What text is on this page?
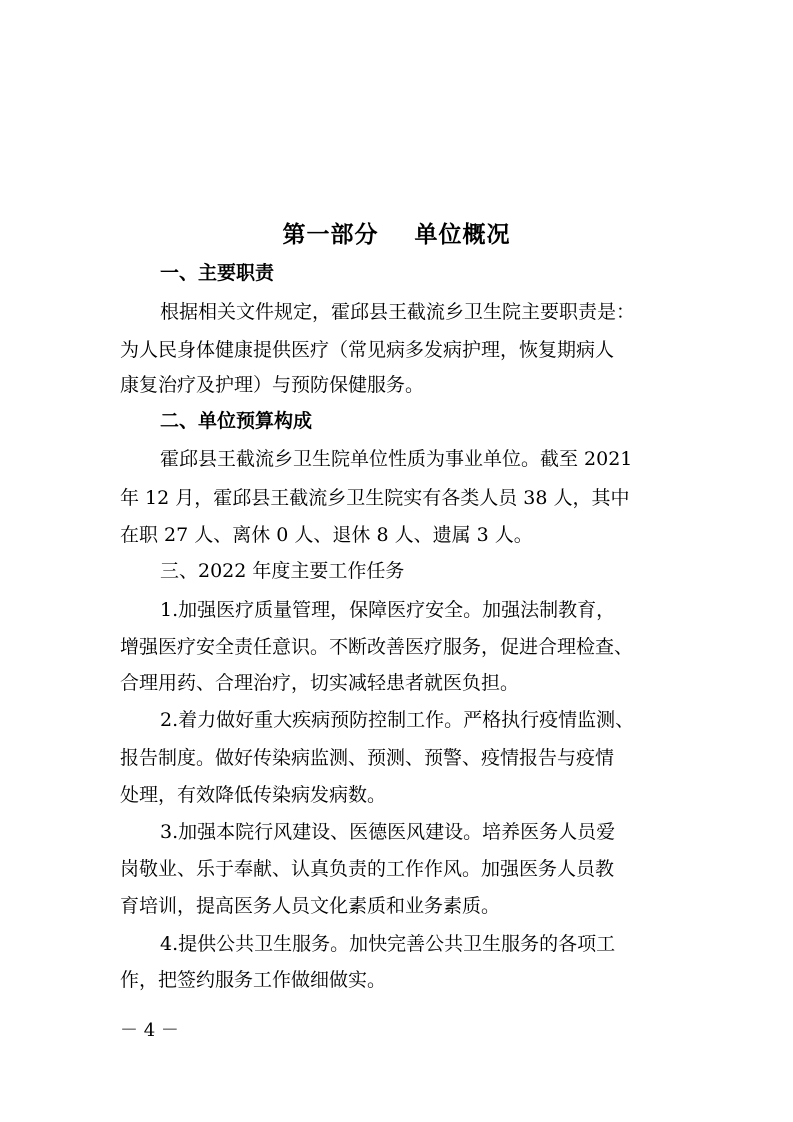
第一部分    单位概况
一、主要职责
根据相关文件规定，霍邱县王截流乡卫生院主要职责是：
为人民身体健康提供医疗（常见病多发病护理，恢复期病人
康复治疗及护理）与预防保健服务。
二、单位预算构成
霍邱县王截流乡卫生院单位性质为事业单位。截至 2021
年 12 月，霍邱县王截流乡卫生院实有各类人员 38 人，其中
在职 27 人、离休 0 人、退休 8 人、遗属 3 人。
三、2022 年度主要工作任务
1.加强医疗质量管理，保障医疗安全。加强法制教育，
增强医疗安全责任意识。不断改善医疗服务，促进合理检查、
合理用药、合理治疗，切实减轻患者就医负担。
2.着力做好重大疾病预防控制工作。严格执行疫情监测、
报告制度。做好传染病监测、预测、预警、疫情报告与疫情
处理，有效降低传染病发病数。
3.加强本院行风建设、医德医风建设。培养医务人员爱
岗敬业、乐于奉献、认真负责的工作作风。加强医务人员教
育培训，提高医务人员文化素质和业务素质。
4.提供公共卫生服务。加快完善公共卫生服务的各项工
作，把签约服务工作做细做实。
－ 4 －
